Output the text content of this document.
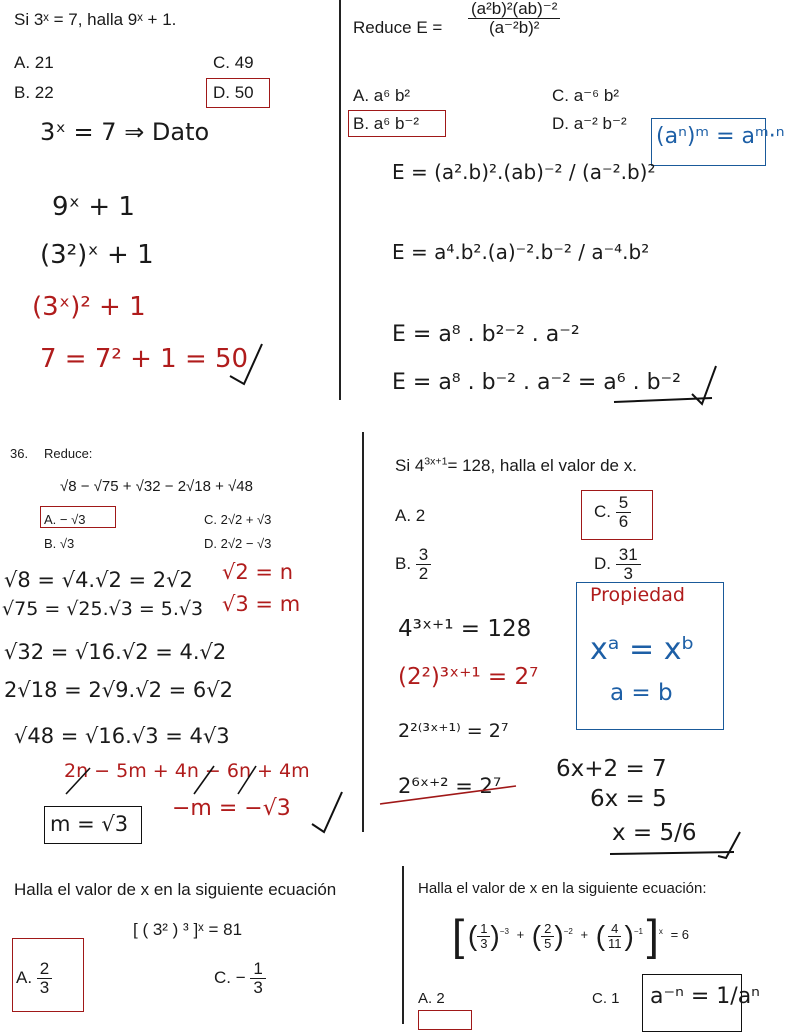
Si 3ˣ = 7, halla 9ˣ + 1.
A. 21
B. 22
C. 49
D. 50
3ˣ = 7 ⇒ Dato
9ˣ + 1
(3²)ˣ + 1
(3ˣ)² + 1
7 = 7² + 1 = 50
Reduce $E = \frac{\text{(a²b)²(ab)⁻²}}{\text{(a⁻²b)²}}$
A. a⁶ b²
B. a⁶ b⁻²
C. a⁻⁶ b²
D. a⁻² b⁻²
(aⁿ)ᵐ = aᵐ·ⁿ
E = (a².b)².(ab)⁻² / (a⁻².b)²
E = a⁴.b².(a)⁻².b⁻² / a⁻⁴.b²
E = a⁸ . b²⁻² . a⁻²
E = a⁸ . b⁻² . a⁻² = a⁶ . b⁻²
36. Reduce:
√8 − √75 + √32 − 2√18 + √48
A. − √3
B. √3
C. 2√2 + √3
D. 2√2 − √3
√2 = n
√3 = m
√8 = √4.√2 = 2√2
√75 = √25.√3 = 5.√3
√32 = √16.√2 = 4.√2
2√18 = 2√9.√2 = 6√2
√48 = √16.√3 = 4√3
2n − 5m + 4n − 6n + 4m
−m = −√3
m = √3
Si $4^{3x+1}= 128$, halla el valor de x.
A. 2
B. $\frac{3}{2}$
C. $\frac{5}{6}$
D. $\frac{31}{3}$
Propiedad
xᵃ = xᵇ
a = b
4³ˣ⁺¹ = 128
(2²)³ˣ⁺¹ = 2⁷
2²⁽³ˣ⁺¹⁾ = 2⁷
2⁶ˣ⁺² = 2⁷
6x+2 = 7
6x = 5
x = 5/6
Halla el valor de x en la siguiente ecuación
[ ( 3² ) ³ ]ˣ = 81
A. $\frac{2}{3}$	C. − $\frac{1}{3}$
Halla el valor de x en la siguiente ecuación:
[ ( $\frac{1}{3} )^{-3}$ + ( $\frac{2}{5} )^{-2}$ + ( $\frac{4}{11} )^{-1}$ ]$^x$ = 6
A. 2	C. 1 a⁻ⁿ = 1/aⁿ
